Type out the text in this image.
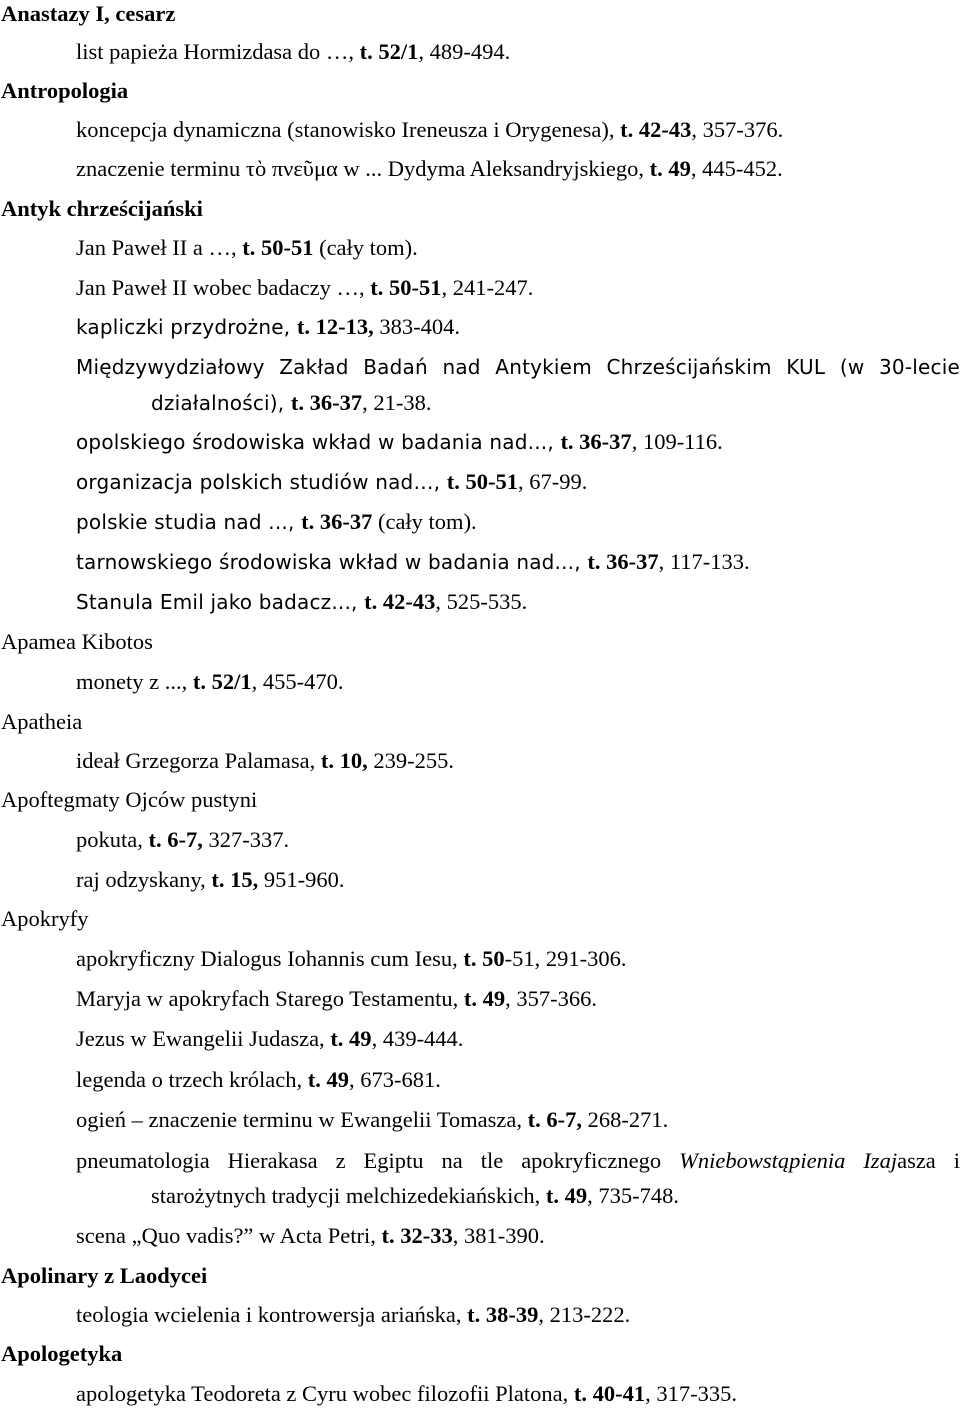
Anastazy I, cesarz
list papieża Hormizdasa do …, t. 52/1, 489-494.
Antropologia
koncepcja dynamiczna (stanowisko Ireneusza i Orygenesa), t. 42-43, 357-376.
znaczenie terminu τὸ πνεῦμα w ... Dydyma Aleksandryjskiego, t. 49, 445-452.
Antyk chrześcijański
Jan Paweł II a …, t. 50-51 (cały tom).
Jan Paweł II wobec badaczy …, t. 50-51, 241-247.
kapliczki przydrożne, t. 12-13, 383-404.
Międzywydziałowy Zakład Badań nad Antykiem Chrześcijańskim KUL (w 30-lecie
działalności), t. 36-37, 21-38.
opolskiego środowiska wkład w badania nad..., t. 36-37, 109-116.
organizacja polskich studiów nad…, t. 50-51, 67-99.
polskie studia nad ..., t. 36-37 (cały tom).
tarnowskiego środowiska wkład w badania nad..., t. 36-37, 117-133.
Stanula Emil jako badacz..., t. 42-43, 525-535.
Apamea Kibotos
monety z ..., t. 52/1, 455-470.
Apatheia
ideał Grzegorza Palamasa, t. 10, 239-255.
Apoftegmaty Ojców pustyni
pokuta, t. 6-7, 327-337.
raj odzyskany, t. 15, 951-960.
Apokryfy
apokryficzny Dialogus Iohannis cum Iesu, t. 50-51, 291-306.
Maryja w apokryfach Starego Testamentu, t. 49, 357-366.
Jezus w Ewangelii Judasza, t. 49, 439-444.
legenda o trzech królach, t. 49, 673-681.
ogień – znaczenie terminu w Ewangelii Tomasza, t. 6-7, 268-271.
pneumatologia Hierakasa z Egiptu na tle apokryficznego Wniebowstąpienia Izajasza i
starożytnych tradycji melchizedekiańskich, t. 49, 735-748.
scena „Quo vadis?” w Acta Petri, t. 32-33, 381-390.
Apolinary z Laodycei
teologia wcielenia i kontrowersja ariańska, t. 38-39, 213-222.
Apologetyka
apologetyka Teodoreta z Cyru wobec filozofii Platona, t. 40-41, 317-335.
